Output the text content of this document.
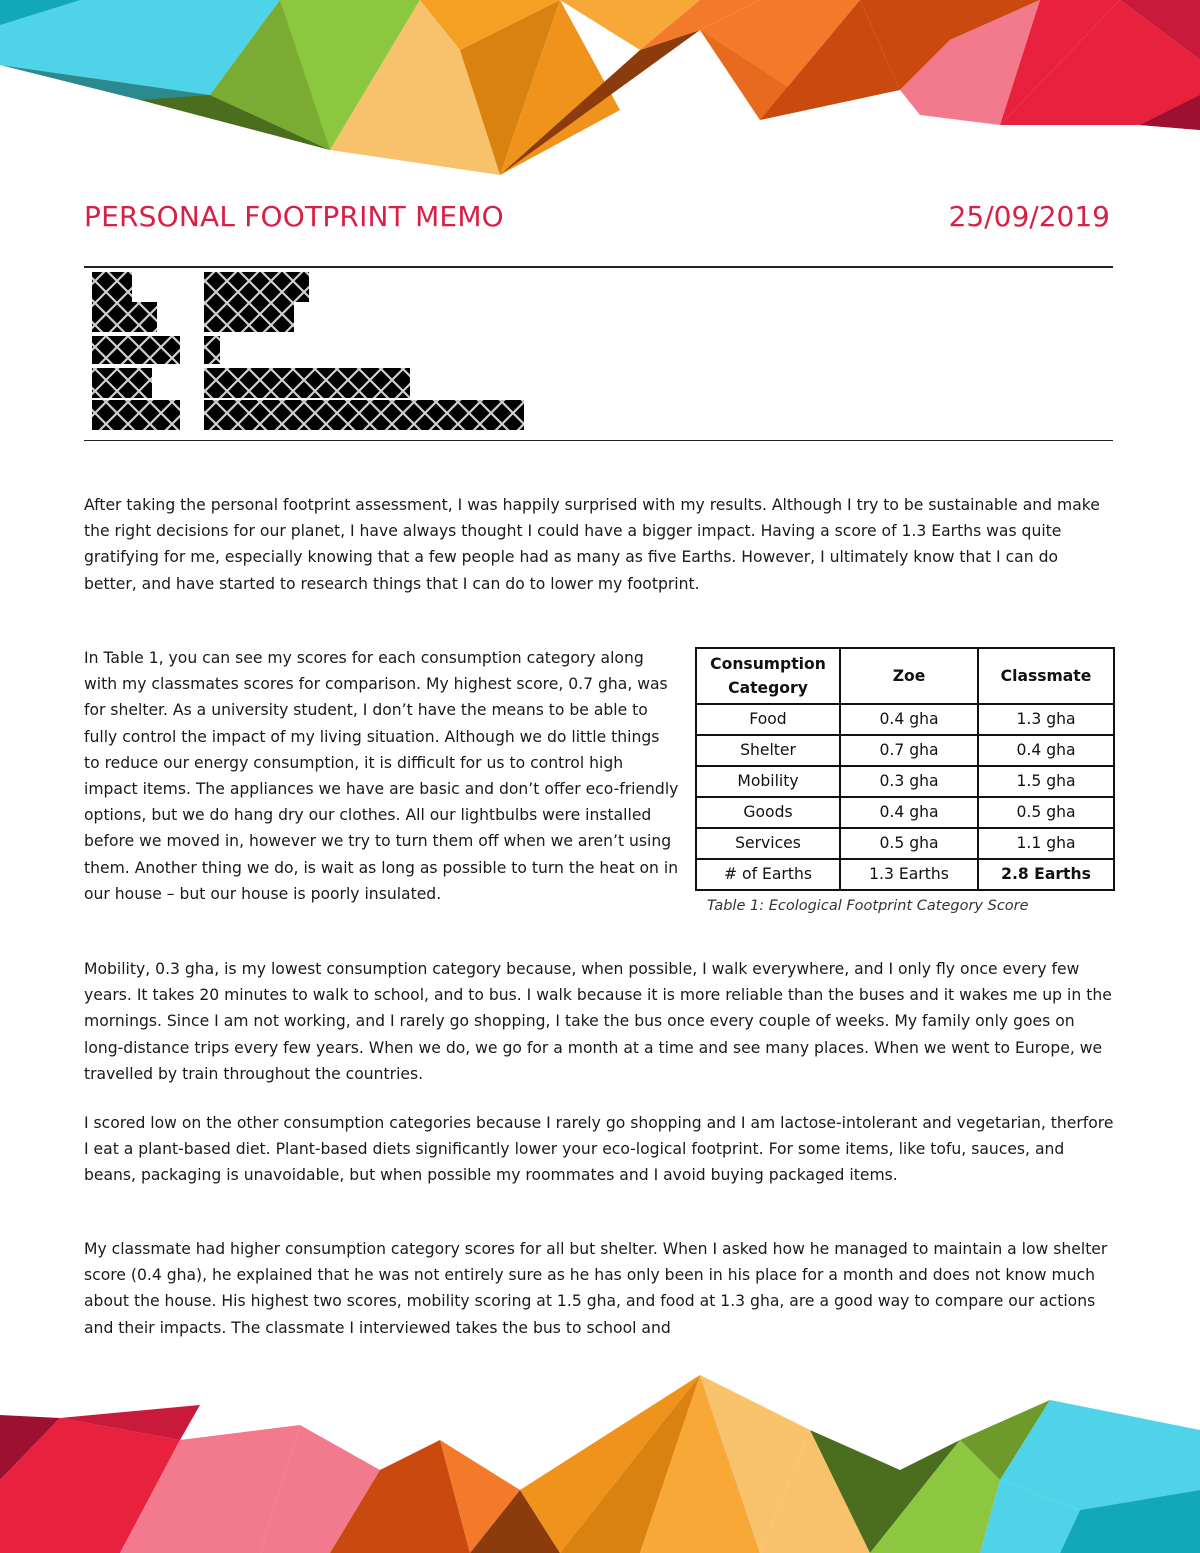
PERSONAL FOOTPRINT MEMO	25/09/2019

After taking the personal footprint assessment, I was happily surprised with my results. Although I try to be sustainable and make the right decisions for our planet, I have always thought I could have a bigger impact. Having a score of 1.3 Earths was quite gratifying for me, especially knowing that a few people had as many as five Earths. However, I ultimately know that I can do better, and have started to research things that I can do to lower my footprint.

In Table 1, you can see my scores for each consumption category along with my classmates scores for comparison. My highest score, 0.7 gha, was for shelter. As a university student, I don’t have the means to be able to fully control the impact of my living situation. Although we do little things to reduce our energy consumption, it is difficult for us to control high impact items. The appliances we have are basic and don’t offer eco-friendly options, but we do hang dry our clothes. All our lightbulbs were installed before we moved in, however we try to turn them off when we aren’t using them. Another thing we do, is wait as long as possible to turn the heat on in our house – but our house is poorly insulated.

Consumption Category	Zoe	Classmate
Food	0.4 gha	1.3 gha
Shelter	0.7 gha	0.4 gha
Mobility	0.3 gha	1.5 gha
Goods	0.4 gha	0.5 gha
Services	0.5 gha	1.1 gha
# of Earths	1.3 Earths	2.8 Earths
Table 1: Ecological Footprint Category Score

Mobility, 0.3 gha, is my lowest consumption category because, when possible, I walk everywhere, and I only fly once every few years. It takes 20 minutes to walk to school, and to bus. I walk because it is more reliable than the buses and it wakes me up in the mornings. Since I am not working, and I rarely go shopping, I take the bus once every couple of weeks. My family only goes on long-distance trips every few years. When we do, we go for a month at a time and see many places. When we went to Europe, we travelled by train throughout the countries.

I scored low on the other consumption categories because I rarely go shopping and I am lactose-intolerant and vegetarian, therfore I eat a plant-based diet. Plant-based diets significantly lower your eco-logical footprint. For some items, like tofu, sauces, and beans, packaging is unavoidable, but when possible my roommates and I avoid buying packaged items.

My classmate had higher consumption category scores for all but shelter. When I asked how he managed to maintain a low shelter score (0.4 gha), he explained that he was not entirely sure as he has only been in his place for a month and does not know much about the house. His highest two scores, mobility scoring at 1.5 gha, and food at 1.3 gha, are a good way to compare our actions and their impacts. The classmate I interviewed takes the bus to school and
